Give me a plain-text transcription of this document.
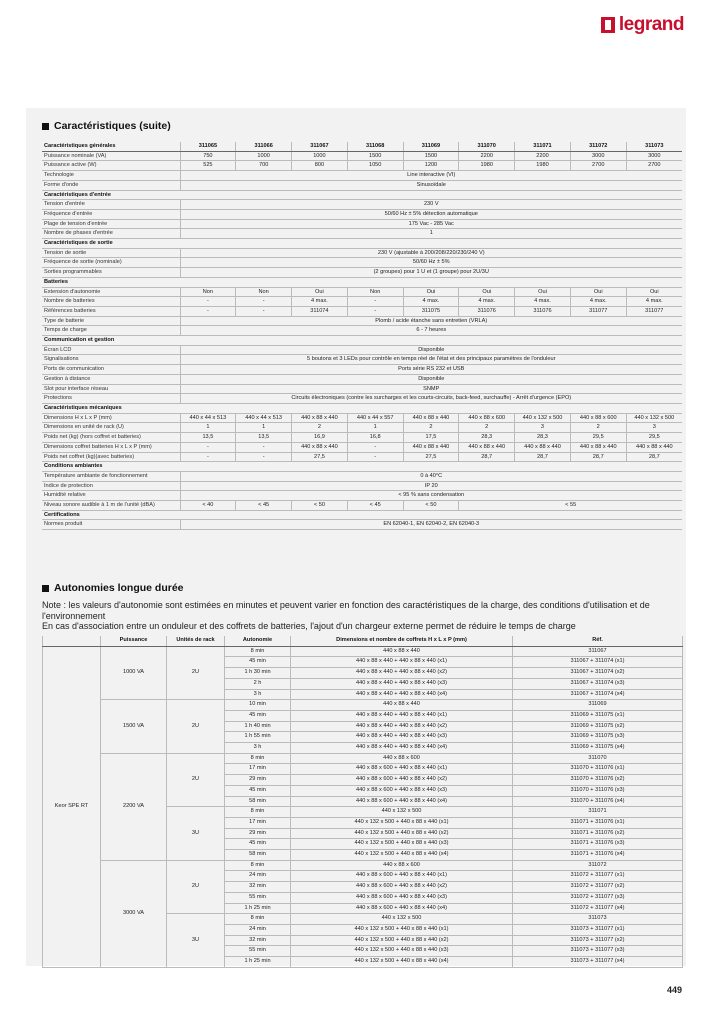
legrand
Caractéristiques (suite)
Caractéristiques générales	311065	311066	311067	311068	311069	311070	311071	311072	311073
Puissance nominale (VA)	750	1000	1000	1500	1500	2200	2200	3000	3000
Puissance active (W)	525	700	800	1050	1200	1980	1980	2700	2700
Technologie	Line interactive (VI)								
Forme d'onde	Sinusoïdale								
Caractéristiques d'entrée									
Tension d'entrée	230 V								
Fréquence d'entrée	50/60 Hz ± 5% détection automatique								
Plage de tension d'entrée	175 Vac - 285 Vac								
Nombre de phases d'entrée	1								
Caractéristiques de sortie									
Tension de sortie	230 V (ajustable à 200/208/220/230/240 V)								
Fréquence de sortie (nominale)	50/60 Hz ± 5%								
Sorties programmables	(2 groupes) pour 1 U et (1 groupe) pour 2U/3U								
Batteries									
Extension d'autonomie	Non	Non	Oui	Non	Oui	Oui	Oui	Oui	Oui
Nombre de batteries	-	-	4 max.	-	4 max.	4 max.	4 max.	4 max.	4 max.
Références batteries	-	-	311074	-	311075	311076	311076	311077	311077
Type de batterie	Plomb / acide étanche sans entretien (VRLA)								
Temps de charge	6 - 7 heures								
Communication et gestion									
Écran LCD	Disponible								
Signalisations	5 boutons et 3 LEDs pour contrôle en temps réel de l'état et des principaux paramètres de l'onduleur								
Ports de communication	Ports série RS 232 et USB								
Gestion à distance	Disponible								
Slot pour interface réseau	SNMP								
Protections	Circuits électroniques (contre les surcharges et les courts-circuits, back-feed, surchauffe) - Arrêt d'urgence (EPO)								
Caractéristiques mécaniques									
Dimensions H x L x P (mm)	440 x 44 x 513	440 x 44 x 513	440 x 88 x 440	440 x 44 x 557	440 x 88 x 440	440 x 88 x 600	440 x 132 x 500	440 x 88 x 600	440 x 132 x 500
Dimensions en unité de rack (U)	1	1	2	1	2	2	3	2	3
Poids net (kg) (hors coffret et batteries)	13,5	13,5	16,9	16,8	17,5	28,3	28,3	29,5	29,5
Dimensions coffret batteries H x L x P (mm)	-	-	440 x 88 x 440	-	440 x 88 x 440	440 x 88 x 440	440 x 88 x 440	440 x 88 x 440	440 x 88 x 440
Poids net coffret (kg)(avec batteries)	-	-	27,5	-	27,5	28,7	28,7	28,7	28,7
Conditions ambiantes									
Température ambiante de fonctionnement	0 à 40°C								
Indice de protection	IP 20								
Humidité relative	< 95 % sans condensation								
Niveau sonore audible à 1 m de l'unité (dBA)	< 40	< 45	< 50	< 45	< 50	< 55			
Certifications									
Normes produit	EN 62040-1, EN 62040-2, EN 62040-3								
Autonomies longue durée
Note : les valeurs d'autonomie sont estimées en minutes et peuvent varier en fonction des caractéristiques de la charge, des conditions d'utilisation et de l'environnement
En cas d'association entre un onduleur et des coffrets de batteries, l'ajout d'un chargeur externe permet de réduire le temps de charge
	Puissance	Unités de rack	Autonomie	Dimensions et nombre de coffrets H x L x P (mm)	Réf.
Keor SPE RT	1000 VA	2U	8 min	440 x 88 x 440	311067
			45 min	440 x 88 x 440 + 440 x 88 x 440 (x1)	311067 + 311074 (x1)
			1 h 30 min	440 x 88 x 440 + 440 x 88 x 440 (x2)	311067 + 311074 (x2)
			2 h	440 x 88 x 440 + 440 x 88 x 440 (x3)	311067 + 311074 (x3)
			3 h	440 x 88 x 440 + 440 x 88 x 440 (x4)	311067 + 311074 (x4)
	1500 VA	2U	10 min	440 x 88 x 440	311069
			45 min	440 x 88 x 440 + 440 x 88 x 440 (x1)	311069 + 311075 (x1)
			1 h 40 min	440 x 88 x 440 + 440 x 88 x 440 (x2)	311069 + 311075 (x2)
			1 h 55 min	440 x 88 x 440 + 440 x 88 x 440 (x3)	311069 + 311075 (x3)
			3 h	440 x 88 x 440 + 440 x 88 x 440 (x4)	311069 + 311075 (x4)
	2200 VA	2U	8 min	440 x 88 x 600	311070
			17 min	440 x 88 x 600 + 440 x 88 x 440 (x1)	311070 + 311076 (x1)
			29 min	440 x 88 x 600 + 440 x 88 x 440 (x2)	311070 + 311076 (x2)
			45 min	440 x 88 x 600 + 440 x 88 x 440 (x3)	311070 + 311076 (x3)
			58 min	440 x 88 x 600 + 440 x 88 x 440 (x4)	311070 + 311076 (x4)
		3U	8 min	440 x 132 x 500	311071
			17 min	440 x 132 x 500 + 440 x 88 x 440 (x1)	311071 + 311076 (x1)
			29 min	440 x 132 x 500 + 440 x 88 x 440 (x2)	311071 + 311076 (x2)
			45 min	440 x 132 x 500 + 440 x 88 x 440 (x3)	311071 + 311076 (x3)
			58 min	440 x 132 x 500 + 440 x 88 x 440 (x4)	311071 + 311076 (x4)
	3000 VA	2U	8 min	440 x 88 x 600	311072
			24 min	440 x 88 x 600 + 440 x 88 x 440 (x1)	311072 + 311077 (x1)
			32 min	440 x 88 x 600 + 440 x 88 x 440 (x2)	311072 + 311077 (x2)
			55 min	440 x 88 x 600 + 440 x 88 x 440 (x3)	311072 + 311077 (x3)
			1 h 25 min	440 x 88 x 600 + 440 x 88 x 440 (x4)	311072 + 311077 (x4)
		3U	8 min	440 x 132 x 500	311073
			24 min	440 x 132 x 500 + 440 x 88 x 440 (x1)	311073 + 311077 (x1)
			32 min	440 x 132 x 500 + 440 x 88 x 440 (x2)	311073 + 311077 (x2)
			55 min	440 x 132 x 500 + 440 x 88 x 440 (x3)	311073 + 311077 (x3)
			1 h 25 min	440 x 132 x 500 + 440 x 88 x 440 (x4)	311073 + 311077 (x4)
449
